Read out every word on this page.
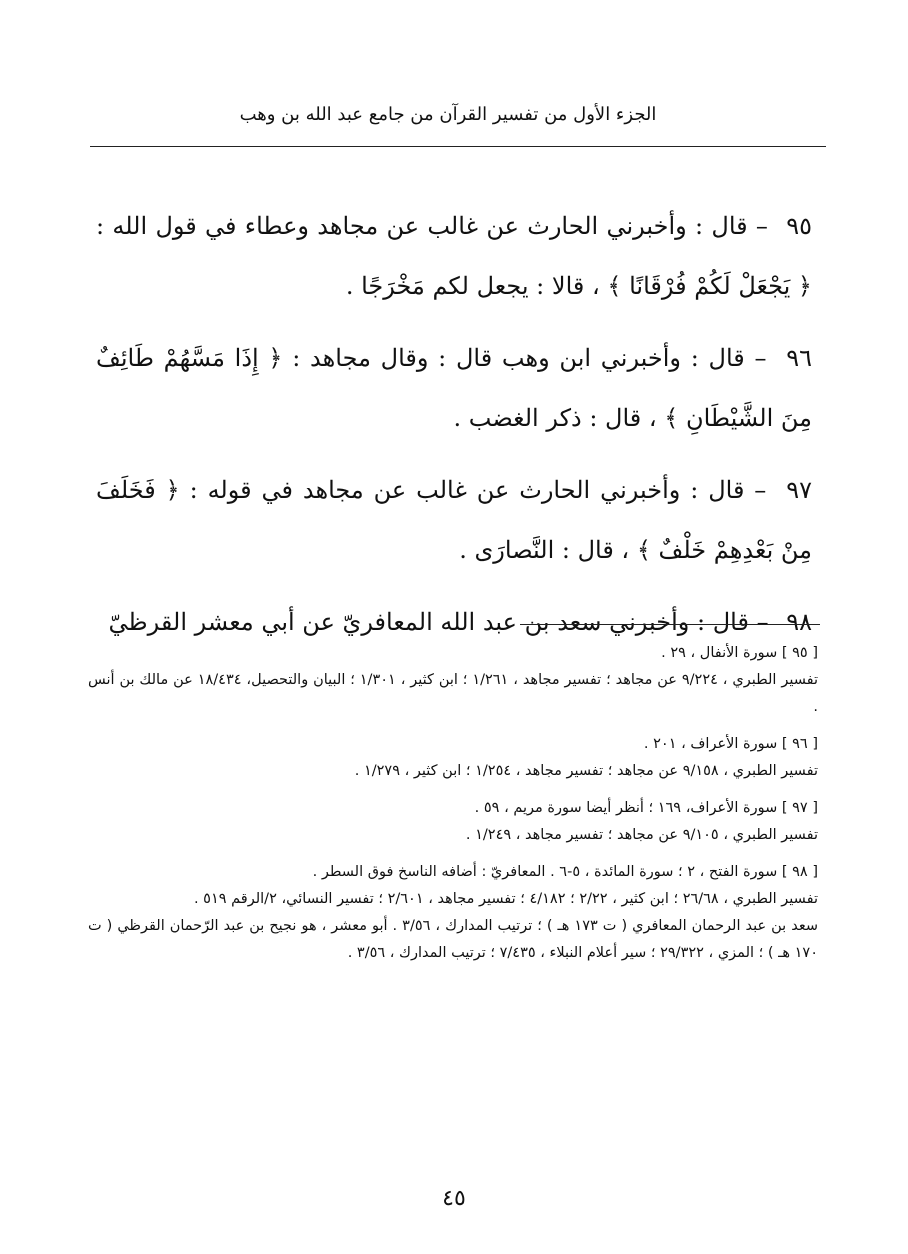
الجزء الأول من تفسير القرآن من جامع عبد الله بن وهب
٩٥ – قال : وأخبرني الحارث عن غالب عن مجاهد وعطاء في قول الله : ﴿ يَجْعَلْ لَكُمْ فُرْقَانًا ﴾ ، قالا : يجعل لكم مَخْرَجًا .
٩٦ – قال : وأخبرني ابن وهب قال : وقال مجاهد : ﴿ إِذَا مَسَّهُمْ طَائِفٌ مِنَ الشَّيْطَانِ ﴾ ، قال : ذكر الغضب .
٩٧ – قال : وأخبرني الحارث عن غالب عن مجاهد في قوله : ﴿ فَخَلَفَ مِنْ بَعْدِهِمْ خَلْفٌ ﴾ ، قال : النَّصارَى .
٩٨ – قال : وأخبرني سعد بن عبد الله المعافريّ عن أبي معشر القرظيّ

[ ٩٥ ] سورة الأنفال ، ٢٩ .

تفسير الطبري ، ٩/٢٢٤ عن مجاهد ؛ تفسير مجاهد ، ١/٢٦١ ؛ ابن كثير ، ١/٣٠١ ؛ البيان والتحصيل، ١٨/٤٣٤ عن مالك بن أنس .

[ ٩٦ ] سورة الأعراف ، ٢٠١ .

تفسير الطبري ، ٩/١٥٨ عن مجاهد ؛ تفسير مجاهد ، ١/٢٥٤ ؛ ابن كثير ، ١/٢٧٩ .

[ ٩٧ ] سورة الأعراف، ١٦٩ ؛ أنظر أيضا سورة مريم ، ٥٩ .

تفسير الطبري ، ٩/١٠٥ عن مجاهد ؛ تفسير مجاهد ، ١/٢٤٩ .

[ ٩٨ ] سورة الفتح ، ٢ ؛ سورة المائدة ، ٥-٦ . المعافريّ : أضافه الناسخ فوق السطر .

تفسير الطبري ، ٢٦/٦٨ ؛ ابن كثير ، ٢/٢٢ ؛ ٤/١٨٢ ؛ تفسير مجاهد ، ٢/٦٠١ ؛ تفسير النسائي، ٢/الرقم ٥١٩ .

سعد بن عبد الرحمان المعافري ( ت ١٧٣ هـ ) ؛ ترتيب المدارك ، ٣/٥٦ . أبو معشر ، هو نجيح بن عبد الرّحمان القرظي ( ت ١٧٠ هـ ) ؛ المزي ، ٢٩/٣٢٢ ؛ سير أعلام النبلاء ، ٧/٤٣٥ ؛ ترتيب المدارك ، ٣/٥٦ .

٤٥
